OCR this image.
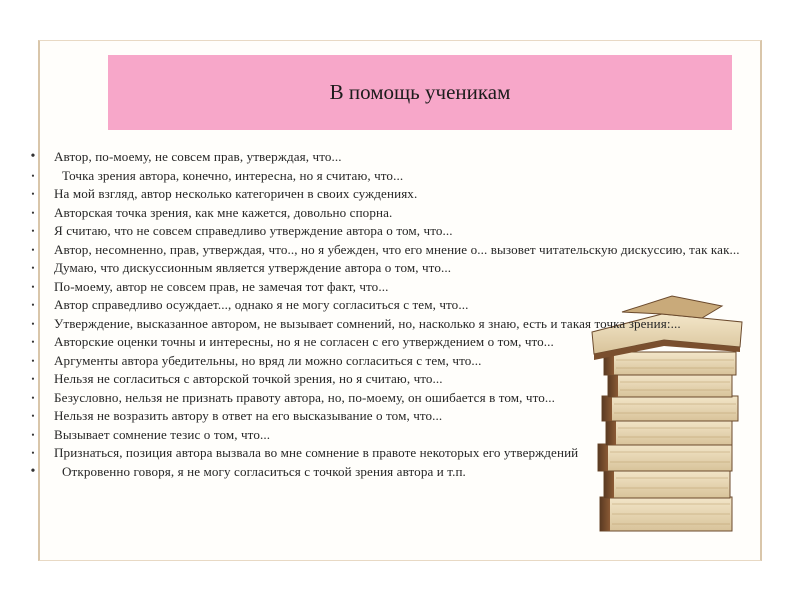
В помощь ученикам
• Автор, по-моему, не совсем прав, утверждая, что...
•	Точка зрения автора, конечно, интересна, но я считаю, что...
• На мой взгляд, автор несколько категоричен в своих суждениях.
• Авторская точка зрения, как мне кажется, довольно спорна.
• Я считаю, что не совсем справедливо утверждение автора о том, что...
• Автор, несомненно, прав, утверждая, что.., но я убежден, что его мнение о... вызовет читательскую дискуссию, так как...
• Думаю, что дискуссионным является утверждение автора о том, что...
• По-моему, автор не совсем прав, не замечая тот факт, что...
• Автор справедливо осуждает..., однако я не могу согласиться с тем, что...
• Утверждение, высказанное автором, не вызывает сомнений, но, насколько я знаю, есть и такая точка зрения:...
• Авторские оценки точны и интересны, но я не согласен с его утверждением о том, что...
• Аргументы автора убедительны, но вряд ли можно согласиться с тем, что...
• Нельзя не согласиться с авторской точкой зрения, но я считаю, что...
• Безусловно, нельзя не признать правоту автора, но, по-моему, он ошибается в том, что...
• Нельзя не возразить автору в ответ на его высказывание о том, что...
• Вызывает сомнение тезис о том, что...
• Признаться, позиция автора вызвала во мне сомнение в правоте некоторых его утверждений
•	Откровенно говоря, я не могу согласиться с точкой зрения автора и т.п.
